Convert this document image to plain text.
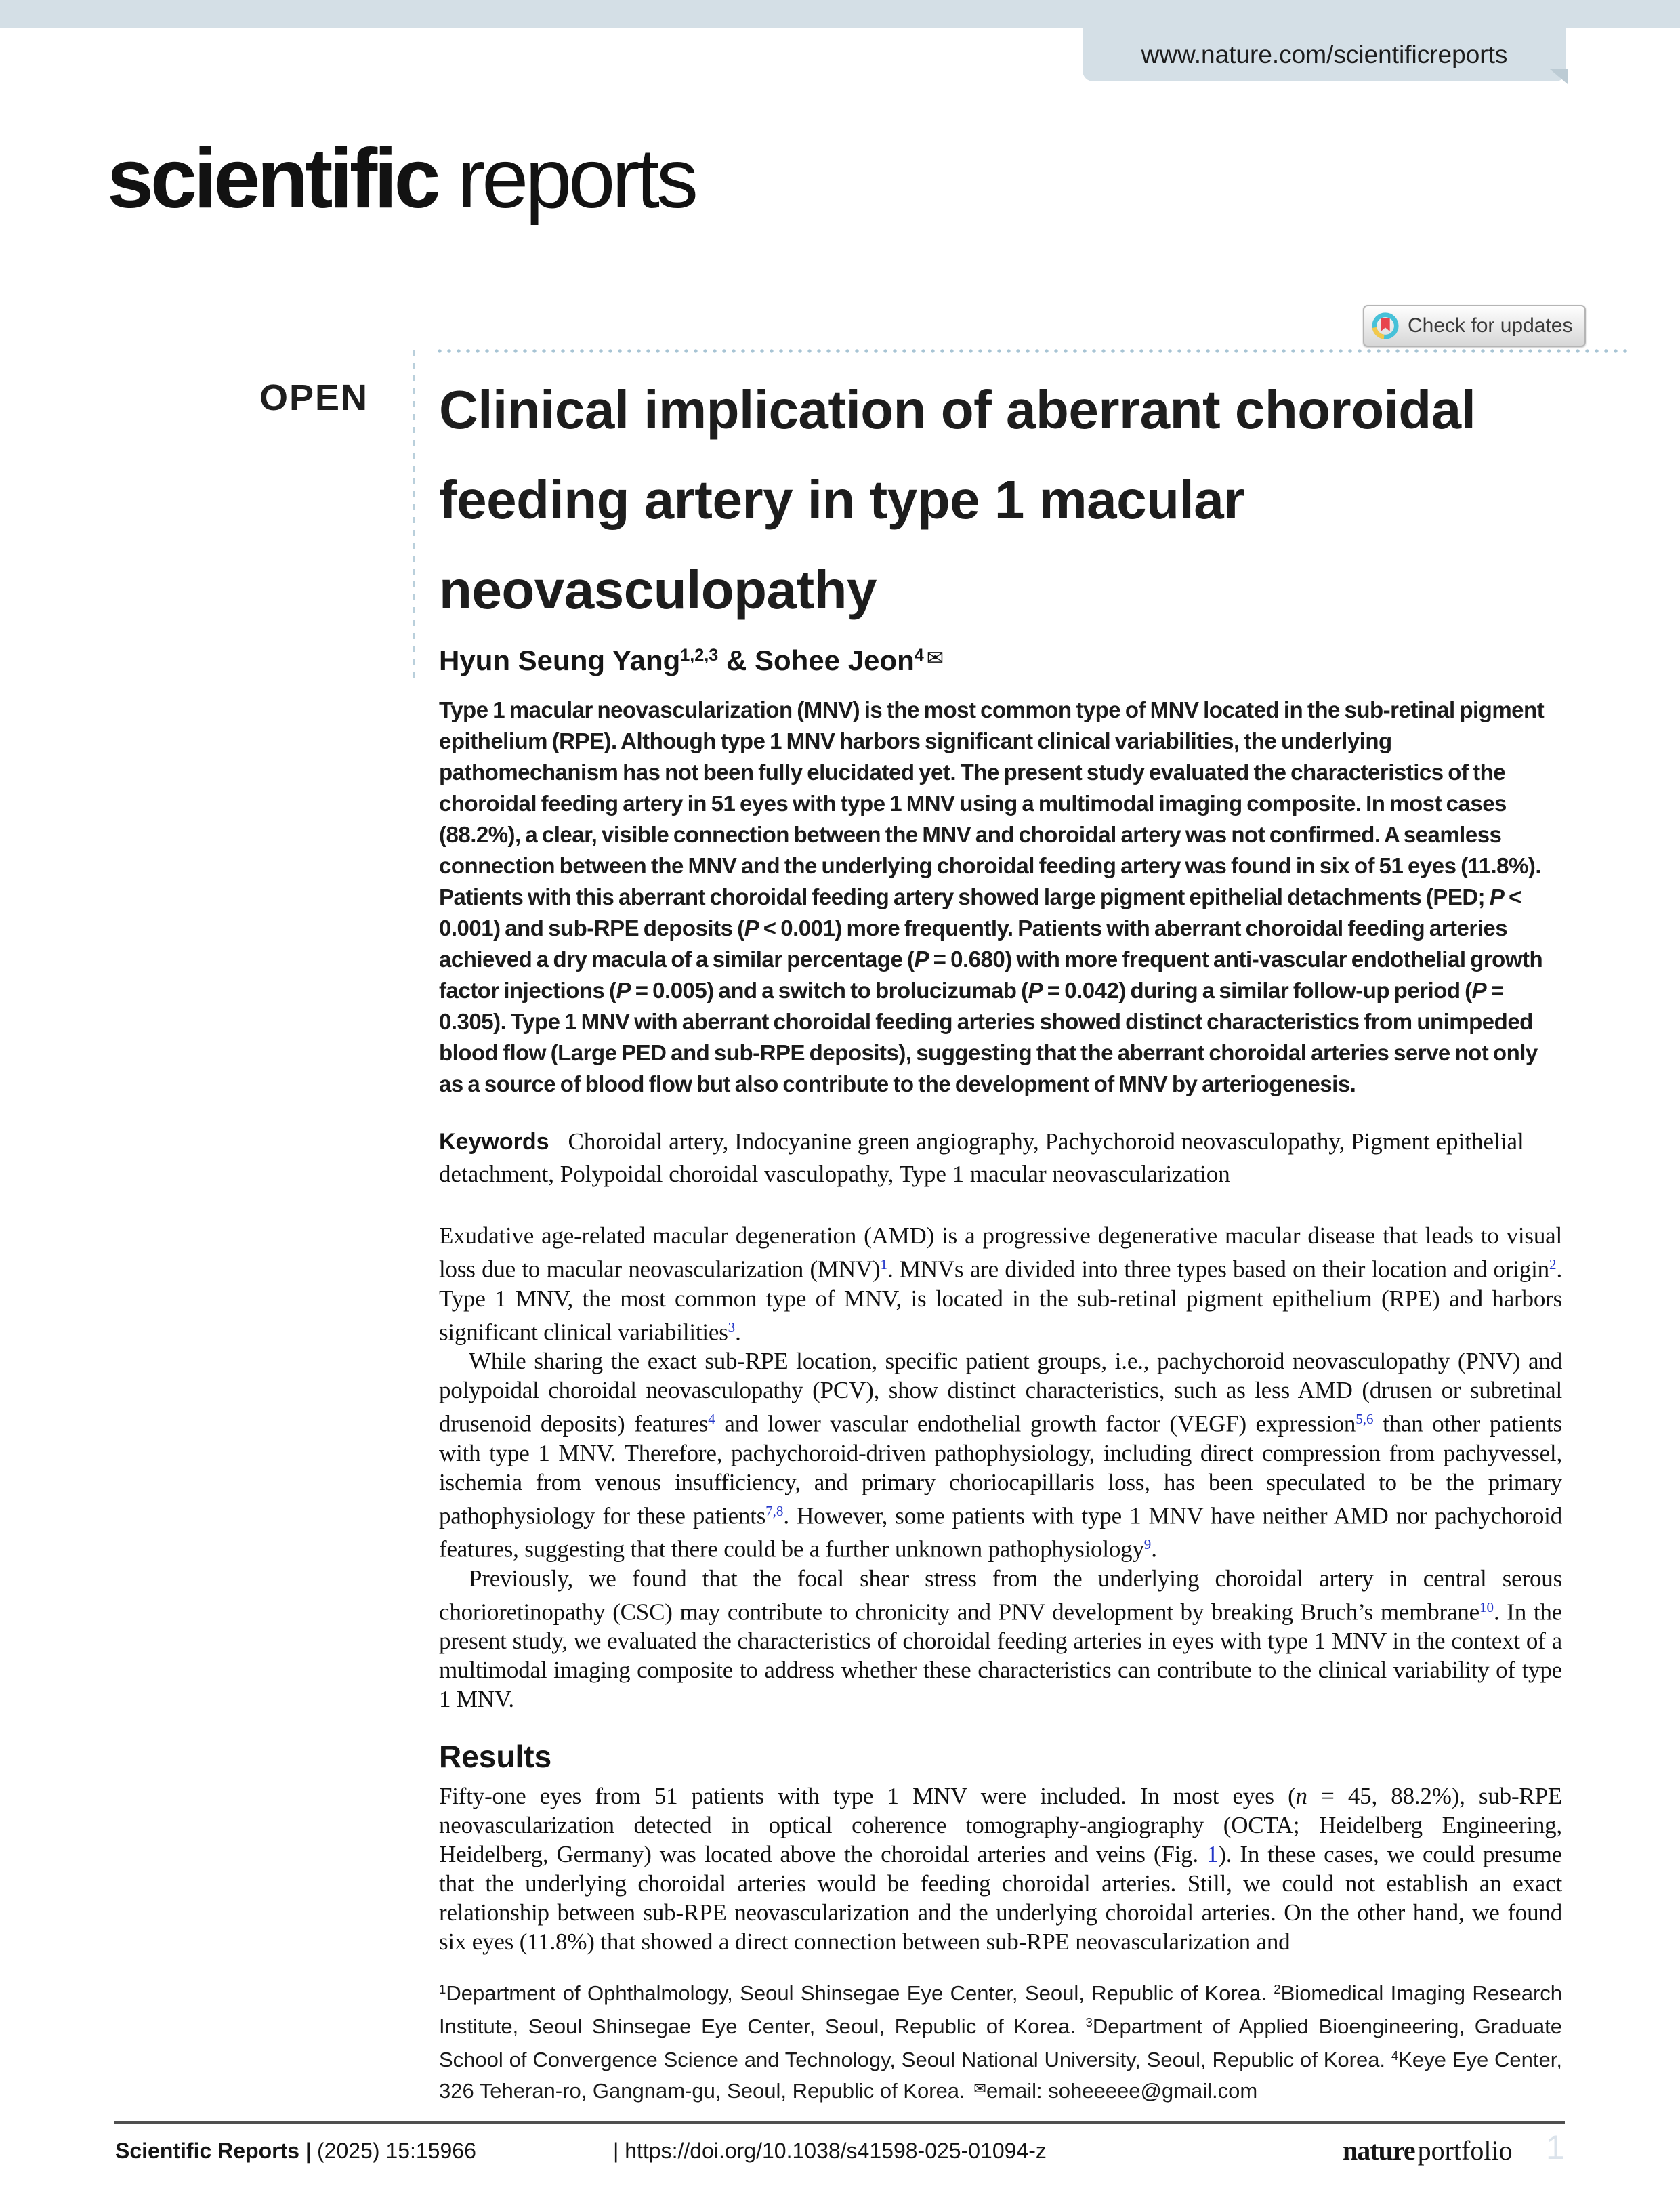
www.nature.com/scientificreports
scientific reports
Check for updates
OPEN Clinical implication of aberrant choroidal feeding artery in type 1 macular neovasculopathy

Hyun Seung Yang$^{1,2,3}$ & Sohee Jeon$^4$ ✉

Type 1 macular neovascularization (MNV) is the most common type of MNV located in the sub-retinal pigment epithelium (RPE). Although type 1 MNV harbors significant clinical variabilities, the underlying pathomechanism has not been fully elucidated yet. The present study evaluated the characteristics of the choroidal feeding artery in 51 eyes with type 1 MNV using a multimodal imaging composite. In most cases (88.2%), a clear, visible connection between the MNV and choroidal artery was not confirmed. A seamless connection between the MNV and the underlying choroidal feeding artery was found in six of 51 eyes (11.8%). Patients with this aberrant choroidal feeding artery showed large pigment epithelial detachments (PED; P < 0.001) and sub-RPE deposits (P < 0.001) more frequently. Patients with aberrant choroidal feeding arteries achieved a dry macula of a similar percentage (P = 0.680) with more frequent anti-vascular endothelial growth factor injections (P = 0.005) and a switch to brolucizumab (P = 0.042) during a similar follow-up period (P = 0.305). Type 1 MNV with aberrant choroidal feeding arteries showed distinct characteristics from unimpeded blood flow (Large PED and sub-RPE deposits), suggesting that the aberrant choroidal arteries serve not only as a source of blood flow but also contribute to the development of MNV by arteriogenesis.

Keywords Choroidal artery, Indocyanine green angiography, Pachychoroid neovasculopathy, Pigment epithelial detachment, Polypoidal choroidal vasculopathy, Type 1 macular neovascularization

Exudative age-related macular degeneration (AMD) is a progressive degenerative macular disease that leads to visual loss due to macular neovascularization (MNV)$^1$. MNVs are divided into three types based on their location and origin$^2$. Type 1 MNV, the most common type of MNV, is located in the sub-retinal pigment epithelium (RPE) and harbors significant clinical variabilities$^3$.

While sharing the exact sub-RPE location, specific patient groups, i.e., pachychoroid neovasculopathy (PNV) and polypoidal choroidal neovasculopathy (PCV), show distinct characteristics, such as less AMD (drusen or subretinal drusenoid deposits) features$^4$ and lower vascular endothelial growth factor (VEGF) expression$^{5,6}$ than other patients with type 1 MNV. Therefore, pachychoroid-driven pathophysiology, including direct compression from pachyvessel, ischemia from venous insufficiency, and primary choriocapillaris loss, has been speculated to be the primary pathophysiology for these patients$^{7,8}$. However, some patients with type 1 MNV have neither AMD nor pachychoroid features, suggesting that there could be a further unknown pathophysiology$^9$.

Previously, we found that the focal shear stress from the underlying choroidal artery in central serous chorioretinopathy (CSC) may contribute to chronicity and PNV development by breaking Bruch’s membrane$^{10}$. In the present study, we evaluated the characteristics of choroidal feeding arteries in eyes with type 1 MNV in the context of a multimodal imaging composite to address whether these characteristics can contribute to the clinical variability of type 1 MNV.

Results

Fifty-one eyes from 51 patients with type 1 MNV were included. In most eyes (n = 45, 88.2%), sub-RPE neovascularization detected in optical coherence tomography-angiography (OCTA; Heidelberg Engineering, Heidelberg, Germany) was located above the choroidal arteries and veins (Fig. 1). In these cases, we could presume that the underlying choroidal arteries would be feeding choroidal arteries. Still, we could not establish an exact relationship between sub-RPE neovascularization and the underlying choroidal arteries. On the other hand, we found six eyes (11.8%) that showed a direct connection between sub-RPE neovascularization and

$^1$Department of Ophthalmology, Seoul Shinsegae Eye Center, Seoul, Republic of Korea. $^2$Biomedical Imaging Research Institute, Seoul Shinsegae Eye Center, Seoul, Republic of Korea. $^3$Department of Applied Bioengineering, Graduate School of Convergence Science and Technology, Seoul National University, Seoul, Republic of Korea. $^4$Keye Eye Center, 326 Teheran-ro, Gangnam-gu, Seoul, Republic of Korea. ✉email: soheeeee@gmail.com

Scientific Reports | (2025) 15:15966	| https://doi.org/10.1038/s41598-025-01094-z	nature portfolio 1
